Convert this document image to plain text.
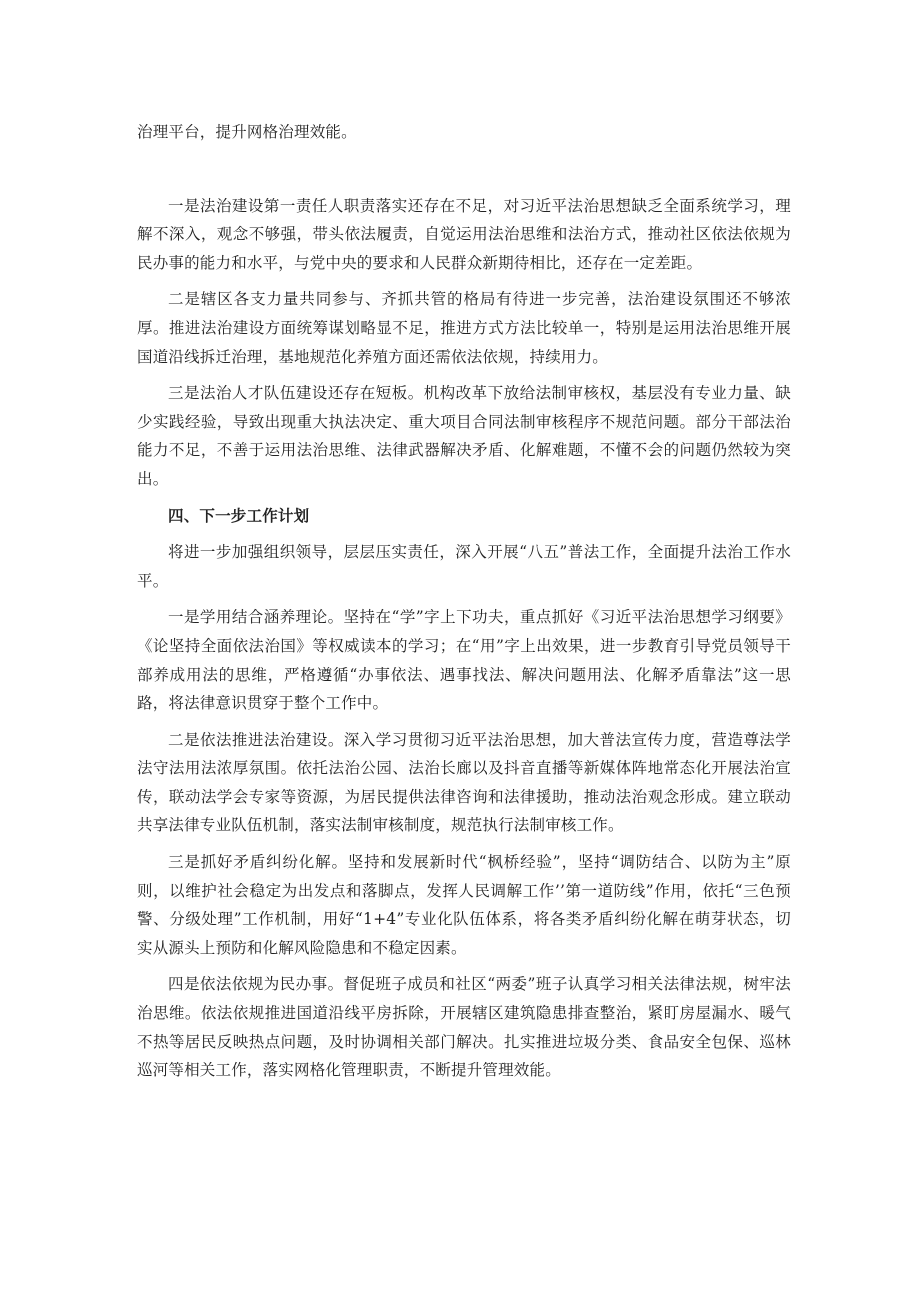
治理平台，提升网格治理效能。

一是法治建设第一责任人职责落实还存在不足，对习近平法治思想缺乏全面系统学习，理解不深入，观念不够强，带头依法履责，自觉运用法治思维和法治方式，推动社区依法依规为民办事的能力和水平，与党中央的要求和人民群众新期待相比，还存在一定差距。

二是辖区各支力量共同参与、齐抓共管的格局有待进一步完善，法治建设氛围还不够浓厚。推进法治建设方面统筹谋划略显不足，推进方式方法比较单一，特别是运用法治思维开展国道沿线拆迁治理，基地规范化养殖方面还需依法依规，持续用力。

三是法治人才队伍建设还存在短板。机构改革下放给法制审核权，基层没有专业力量、缺少实践经验，导致出现重大执法决定、重大项目合同法制审核程序不规范问题。部分干部法治能力不足，不善于运用法治思维、法律武器解决矛盾、化解难题，不懂不会的问题仍然较为突出。

四、下一步工作计划

将进一步加强组织领导，层层压实责任，深入开展“八五”普法工作，全面提升法治工作水平。

一是学用结合涵养理论。坚持在“学”字上下功夫，重点抓好《习近平法治思想学习纲要》《论坚持全面依法治国》等权威读本的学习；在“用”字上出效果，进一步教育引导党员领导干部养成用法的思维，严格遵循“办事依法、遇事找法、解决问题用法、化解矛盾靠法”这一思路，将法律意识贯穿于整个工作中。

二是依法推进法治建设。深入学习贯彻习近平法治思想，加大普法宣传力度，营造尊法学法守法用法浓厚氛围。依托法治公园、法治长廊以及抖音直播等新媒体阵地常态化开展法治宣传，联动法学会专家等资源，为居民提供法律咨询和法律援助，推动法治观念形成。建立联动共享法律专业队伍机制，落实法制审核制度，规范执行法制审核工作。

三是抓好矛盾纠纷化解。坚持和发展新时代“枫桥经验”，坚持“调防结合、以防为主”原则，以维护社会稳定为出发点和落脚点，发挥人民调解工作’’第一道防线”作用，依托“三色预警、分级处理”工作机制，用好“1+4”专业化队伍体系，将各类矛盾纠纷化解在萌芽状态，切实从源头上预防和化解风险隐患和不稳定因素。

四是依法依规为民办事。督促班子成员和社区“两委”班子认真学习相关法律法规，树牢法治思维。依法依规推进国道沿线平房拆除，开展辖区建筑隐患排查整治，紧盯房屋漏水、暖气不热等居民反映热点问题，及时协调相关部门解决。扎实推进垃圾分类、食品安全包保、巡林巡河等相关工作，落实网格化管理职责，不断提升管理效能。
